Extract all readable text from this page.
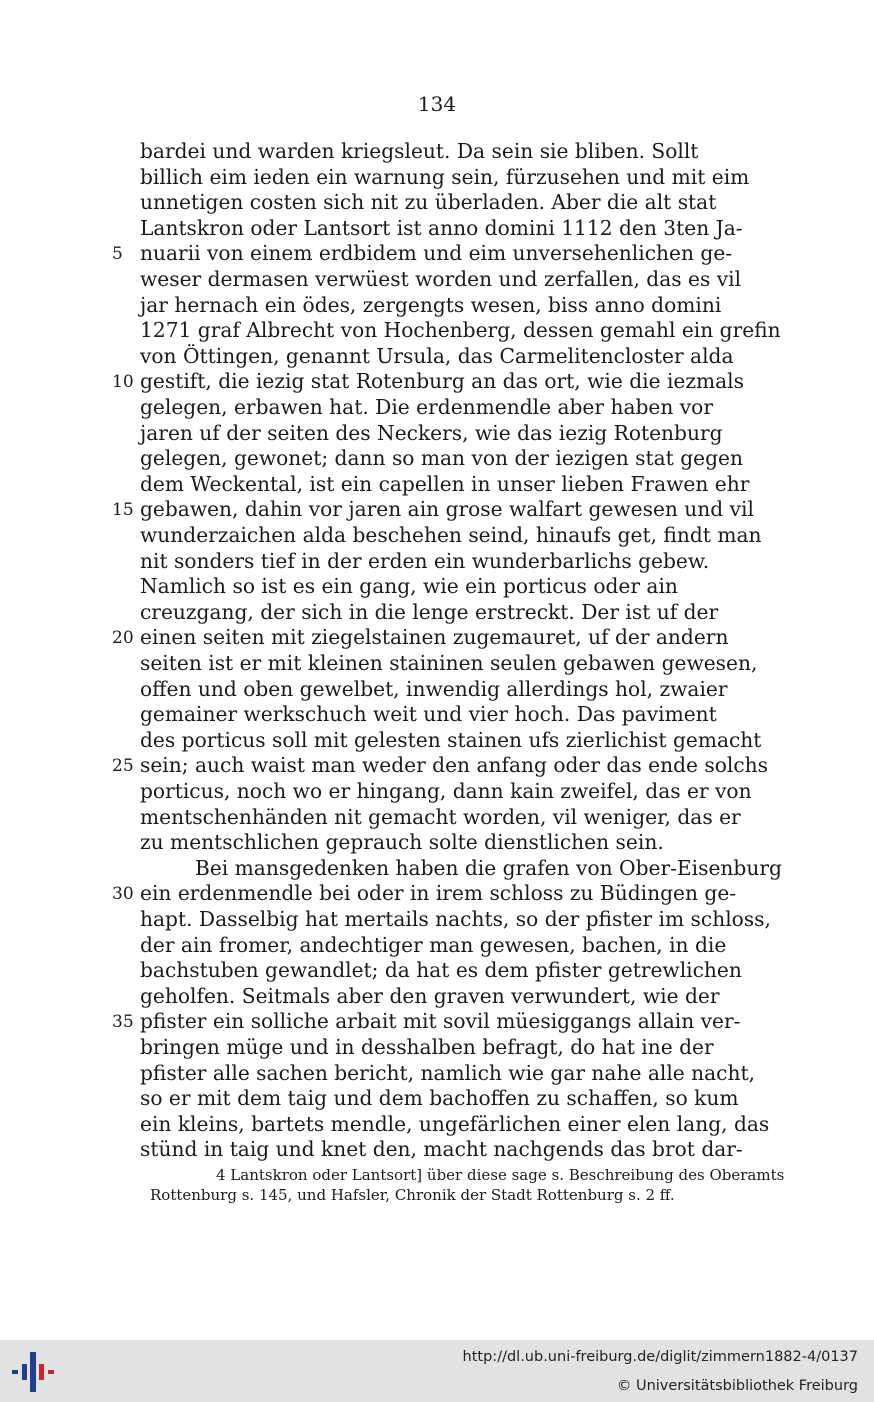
134
bardei und warden kriegsleut. Da sein sie bliben. Sollt
billich eim ieden ein warnung sein, fürzusehen und mit eim
unnetigen costen sich nit zu überladen. Aber die alt stat
Lantskron oder Lantsort ist anno domini 1112 den 3ten Ja-
nuarii von einem erdbidem und eim unversehenlichen ge-
5
weser dermasen verwüest worden und zerfallen, das es vil
jar hernach ein ödes, zergengts wesen, biss anno domini
1271 graf Albrecht von Hochenberg, dessen gemahl ein grefin
von Öttingen, genannt Ursula, das Carmelitencloster alda
gestift, die iezig stat Rotenburg an das ort, wie die iezmals
10
gelegen, erbawen hat. Die erdenmendle aber haben vor
jaren uf der seiten des Neckers, wie das iezig Rotenburg
gelegen, gewonet; dann so man von der iezigen stat gegen
dem Weckental, ist ein capellen in unser lieben Frawen ehr
gebawen, dahin vor jaren ain grose walfart gewesen und vil
15
wunderzaichen alda beschehen seind, hinaufs get, findt man
nit sonders tief in der erden ein wunderbarlichs gebew.
Namlich so ist es ein gang, wie ein porticus oder ain
creuzgang, der sich in die lenge erstreckt. Der ist uf der
einen seiten mit ziegelstainen zugemauret, uf der andern
20
seiten ist er mit kleinen staininen seulen gebawen gewesen,
offen und oben gewelbet, inwendig allerdings hol, zwaier
gemainer werkschuch weit und vier hoch. Das paviment
des porticus soll mit gelesten stainen ufs zierlichist gemacht
sein; auch waist man weder den anfang oder das ende solchs
25
porticus, noch wo er hingang, dann kain zweifel, das er von
mentschenhänden nit gemacht worden, vil weniger, das er
zu mentschlichen geprauch solte dienstlichen sein.
Bei mansgedenken haben die grafen von Ober-Eisenburg
ein erdenmendle bei oder in irem schloss zu Büdingen ge-
30
hapt. Dasselbig hat mertails nachts, so der pfister im schloss,
der ain fromer, andechtiger man gewesen, bachen, in die
bachstuben gewandlet; da hat es dem pfister getrewlichen
geholfen. Seitmals aber den graven verwundert, wie der
pfister ein solliche arbait mit sovil müesiggangs allain ver-
35
bringen müge und in desshalben befragt, do hat ine der
pfister alle sachen bericht, namlich wie gar nahe alle nacht,
so er mit dem taig und dem bachoffen zu schaffen, so kum
ein kleins, bartets mendle, ungefärlichen einer elen lang, das
stünd in taig und knet den, macht nachgends das brot dar-
4 Lantskron oder Lantsort] über diese sage s. Beschreibung des Oberamts
Rottenburg s. 145, und Hafsler, Chronik der Stadt Rottenburg s. 2 ff.
http://dl.ub.uni-freiburg.de/diglit/zimmern1882-4/0137
© Universitätsbibliothek Freiburg
